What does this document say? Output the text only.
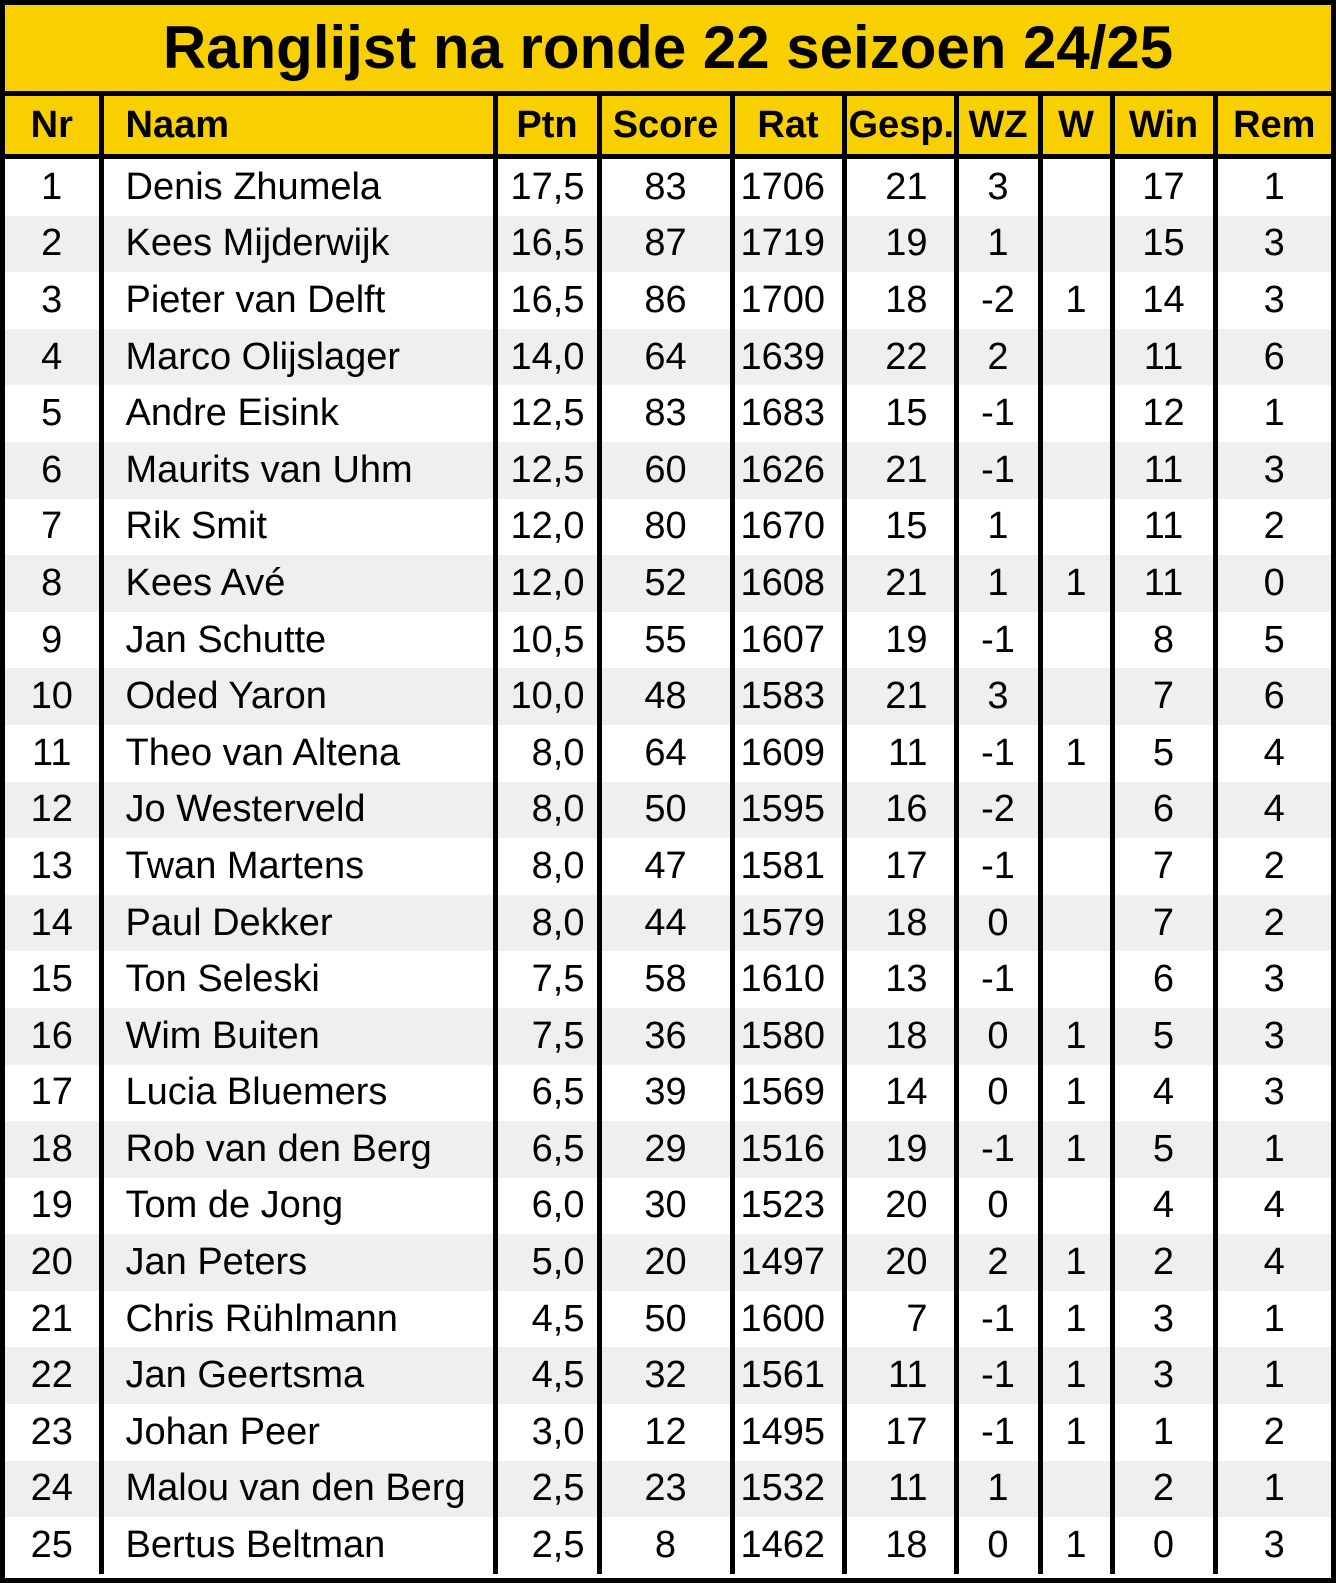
Ranglijst na ronde 22 seizoen 24/25
Nr	Naam	Ptn	Score	Rat	Gesp.	WZ	W	Win	Rem
1	Denis Zhumela	17,5	83	1706	21	3		17	1
2	Kees Mijderwijk	16,5	87	1719	19	1		15	3
3	Pieter van Delft	16,5	86	1700	18	-2	1	14	3
4	Marco Olijslager	14,0	64	1639	22	2		11	6
5	Andre Eisink	12,5	83	1683	15	-1		12	1
6	Maurits van Uhm	12,5	60	1626	21	-1		11	3
7	Rik Smit	12,0	80	1670	15	1		11	2
8	Kees Avé	12,0	52	1608	21	1	1	11	0
9	Jan Schutte	10,5	55	1607	19	-1		8	5
10	Oded Yaron	10,0	48	1583	21	3		7	6
11	Theo van Altena	8,0	64	1609	11	-1	1	5	4
12	Jo Westerveld	8,0	50	1595	16	-2		6	4
13	Twan Martens	8,0	47	1581	17	-1		7	2
14	Paul Dekker	8,0	44	1579	18	0		7	2
15	Ton Seleski	7,5	58	1610	13	-1		6	3
16	Wim Buiten	7,5	36	1580	18	0	1	5	3
17	Lucia Bluemers	6,5	39	1569	14	0	1	4	3
18	Rob van den Berg	6,5	29	1516	19	-1	1	5	1
19	Tom de Jong	6,0	30	1523	20	0		4	4
20	Jan Peters	5,0	20	1497	20	2	1	2	4
21	Chris Rühlmann	4,5	50	1600	7	-1	1	3	1
22	Jan Geertsma	4,5	32	1561	11	-1	1	3	1
23	Johan Peer	3,0	12	1495	17	-1	1	1	2
24	Malou van den Berg	2,5	23	1532	11	1		2	1
25	Bertus Beltman	2,5	8	1462	18	0	1	0	3
